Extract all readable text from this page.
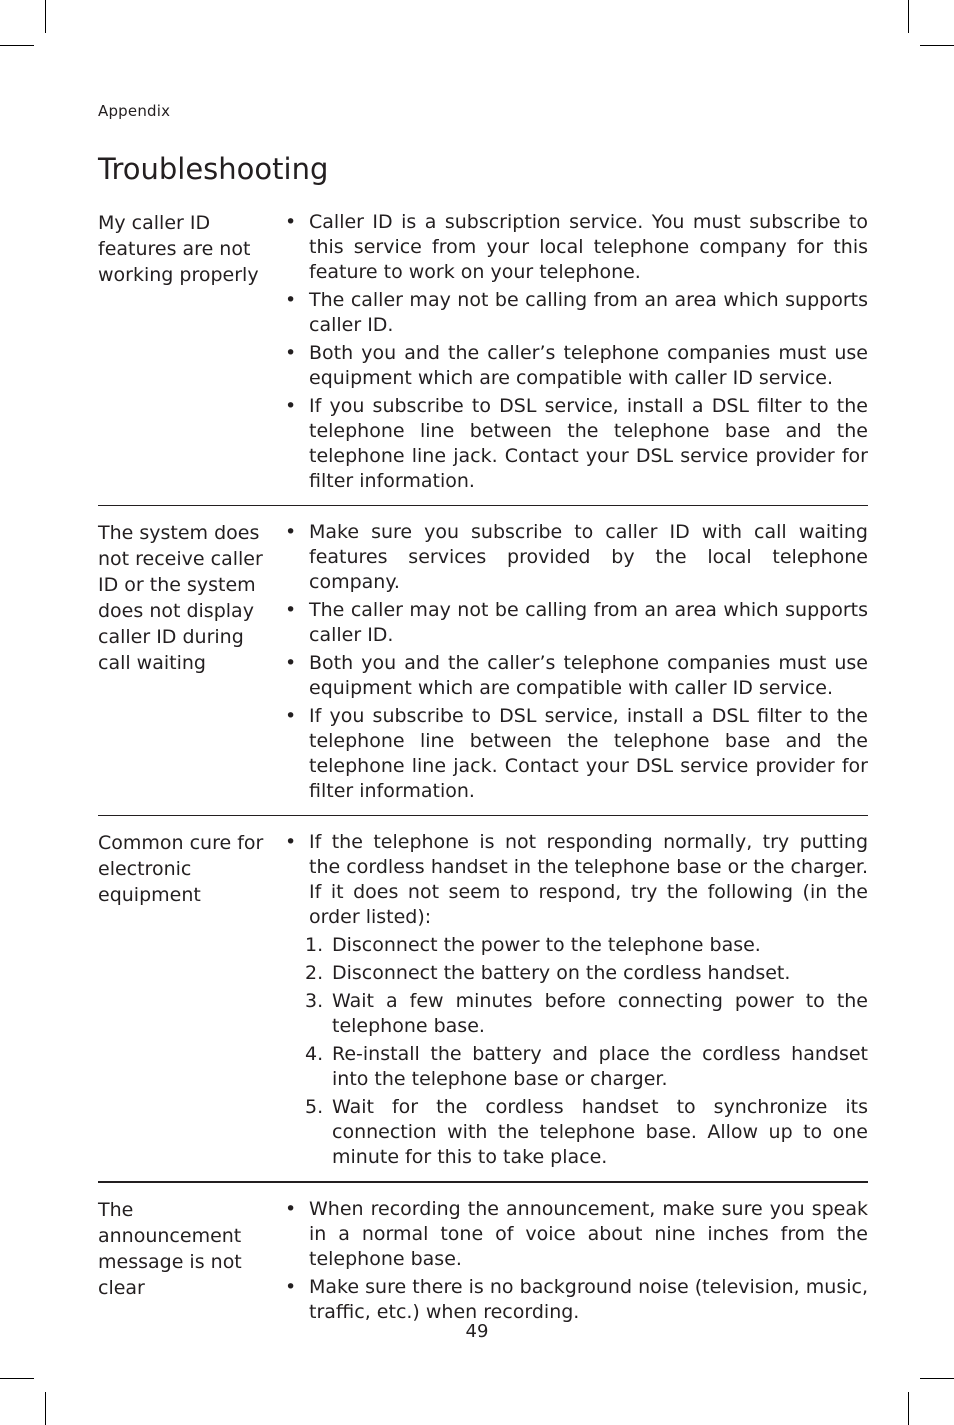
Appendix
Troubleshooting
My caller ID features are not working properly
• Caller ID is a subscription service. You must subscribe to this service from your local telephone company for this feature to work on your telephone.
• The caller may not be calling from an area which supports caller ID.
• Both you and the caller’s telephone companies must use equipment which are compatible with caller ID service.
• If you subscribe to DSL service, install a DSL filter to the telephone line between the telephone base and the telephone line jack. Contact your DSL service provider for filter information.
The system does not receive caller ID or the system does not display caller ID during call waiting
• Make sure you subscribe to caller ID with call waiting features services provided by the local telephone company.
• The caller may not be calling from an area which supports caller ID.
• Both you and the caller’s telephone companies must use equipment which are compatible with caller ID service.
• If you subscribe to DSL service, install a DSL filter to the telephone line between the telephone base and the telephone line jack. Contact your DSL service provider for filter information.
Common cure for electronic equipment
• If the telephone is not responding normally, try putting the cordless handset in the telephone base or the charger. If it does not seem to respond, try the following (in the order listed):
1. Disconnect the power to the telephone base.
2. Disconnect the battery on the cordless handset.
3. Wait a few minutes before connecting power to the telephone base.
4. Re-install the battery and place the cordless handset into the telephone base or charger.
5. Wait for the cordless handset to synchronize its connection with the telephone base. Allow up to one minute for this to take place.
The announcement message is not clear
• When recording the announcement, make sure you speak in a normal tone of voice about nine inches from the telephone base.
• Make sure there is no background noise (television, music, traffic, etc.) when recording.
49
